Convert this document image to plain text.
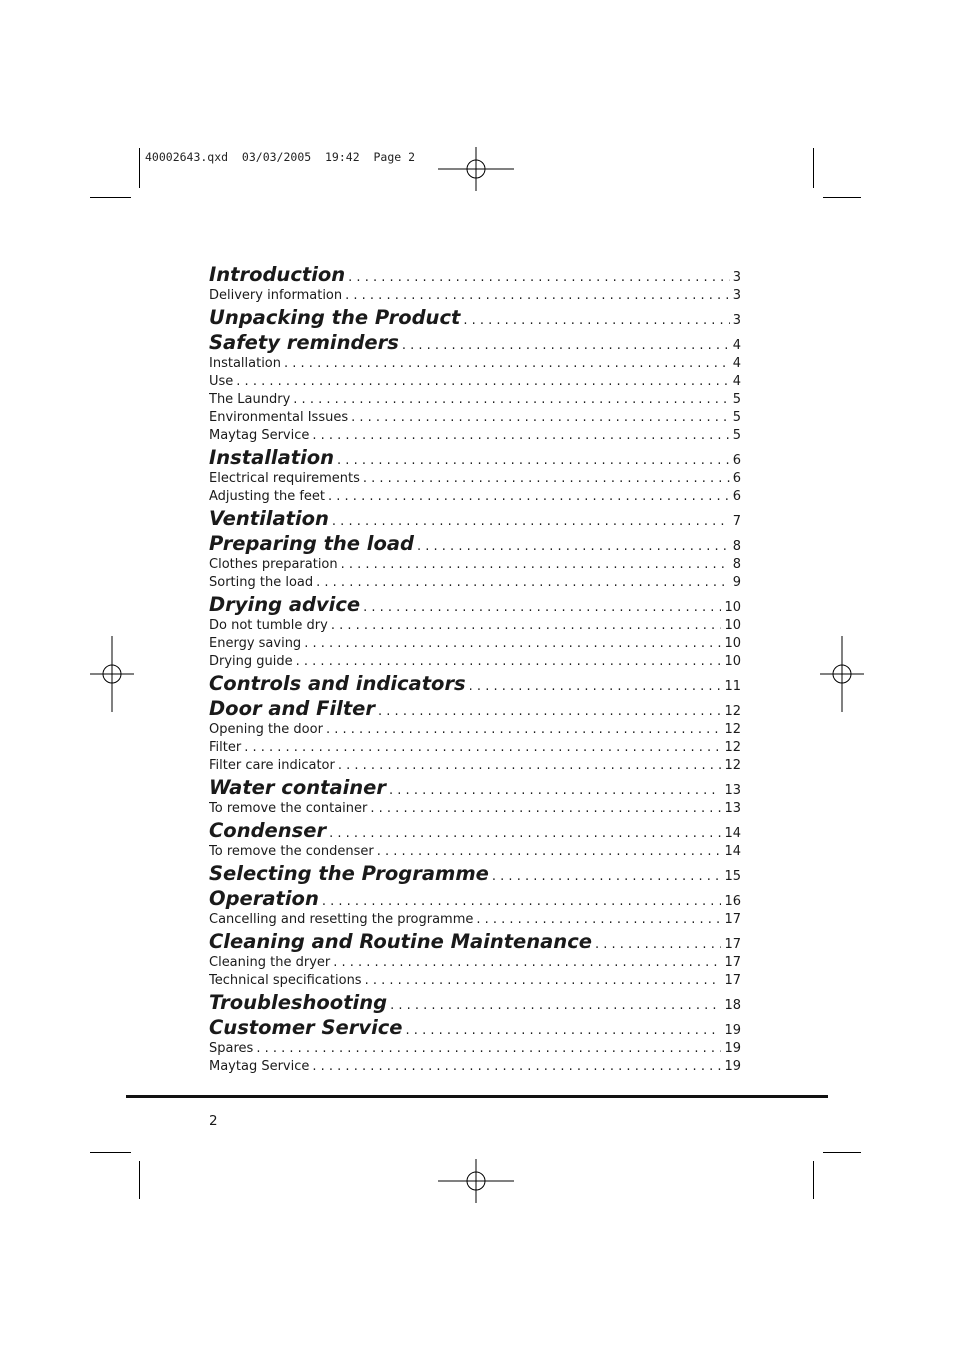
40002643.qxd  03/03/2005  19:42  Page 2
Introduction . . .	3
Delivery information . . .	3
Unpacking the Product . . .	3
Safety reminders . . .	4
Installation . . .	4
Use . . .	4
The Laundry . . .	5
Environmental Issues . . .	5
Maytag Service . . .	5
Installation . . .	6
Electrical requirements . . .	6
Adjusting the feet . . .	6
Ventilation . . .	7
Preparing the load . . .	8
Clothes preparation . . .	8
Sorting the load . . .	9
Drying advice . . .	10
Do not tumble dry . . .	10
Energy saving . . .	10
Drying guide . . .	10
Controls and indicators . . .	11
Door and Filter . . .	12
Opening the door . . .	12
Filter . . .	12
Filter care indicator . . .	12
Water container . . .	13
To remove the container . . .	13
Condenser . . .	14
To remove the condenser . . .	14
Selecting the Programme . . .	15
Operation . . .	16
Cancelling and resetting the programme . . .	17
Cleaning and Routine Maintenance . . .	17
Cleaning the dryer . . .	17
Technical specifications . . .	17
Troubleshooting . . .	18
Customer Service . . .	19
Spares . . .	19
Maytag Service . . .	19
2
